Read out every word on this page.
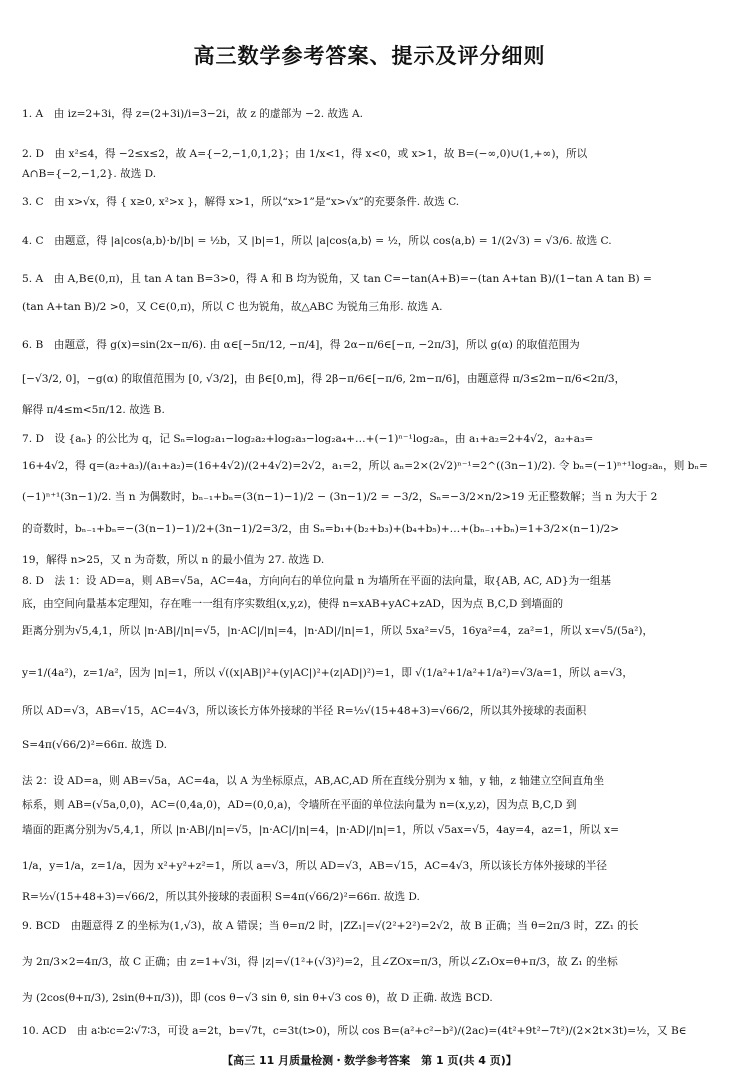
高三数学参考答案、提示及评分细则
1. A　由 iz=2+3i，得 z=(2+3i)/i=3−2i，故 z 的虚部为 −2. 故选 A.
2. D　由 x²≤4，得 −2≤x≤2，故 A={−2,−1,0,1,2}；由 1/x<1，得 x<0，或 x>1，故 B=(−∞,0)∪(1,+∞)，所以
A∩B={−2,−1,2}. 故选 D.
3. C　由 x>√x，得 { x≥0, x²>x }，解得 x>1，所以“x>1”是“x>√x”的充要条件. 故选 C.
4. C　由题意，得 |a|cos⟨a,b⟩·b/|b| = ½b，又 |b|=1，所以 |a|cos⟨a,b⟩ = ½，所以 cos⟨a,b⟩ = 1/(2√3) = √3/6. 故选 C.
5. A　由 A,B∈(0,π)，且 tan A tan B=3>0，得 A 和 B 均为锐角，又 tan C=−tan(A+B)=−(tan A+tan B)/(1−tan A tan B) =
(tan A+tan B)/2 >0，又 C∈(0,π)，所以 C 也为锐角，故△ABC 为锐角三角形. 故选 A.
6. B　由题意，得 g(x)=sin(2x−π/6). 由 α∈[−5π/12, −π/4]，得 2α−π/6∈[−π, −2π/3]，所以 g(α) 的取值范围为
[−√3/2, 0]，−g(α) 的取值范围为 [0, √3/2]，由 β∈[0,m]，得 2β−π/6∈[−π/6, 2m−π/6]，由题意得 π/3≤2m−π/6<2π/3，
解得 π/4≤m<5π/12. 故选 B.
7. D　设 {aₙ} 的公比为 q，记 Sₙ=log₂a₁−log₂a₂+log₂a₃−log₂a₄+…+(−1)ⁿ⁻¹log₂aₙ，由 a₁+a₂=2+4√2，a₂+a₃=
16+4√2，得 q=(a₂+a₃)/(a₁+a₂)=(16+4√2)/(2+4√2)=2√2，a₁=2，所以 aₙ=2×(2√2)ⁿ⁻¹=2^((3n−1)/2). 令 bₙ=(−1)ⁿ⁺¹log₂aₙ，则 bₙ=
(−1)ⁿ⁺¹(3n−1)/2. 当 n 为偶数时，bₙ₋₁+bₙ=(3(n−1)−1)/2 − (3n−1)/2 = −3/2，Sₙ=−3/2×n/2>19 无正整数解；当 n 为大于 2
的奇数时，bₙ₋₁+bₙ=−(3(n−1)−1)/2+(3n−1)/2=3/2，由 Sₙ=b₁+(b₂+b₃)+(b₄+b₅)+…+(bₙ₋₁+bₙ)=1+3/2×(n−1)/2>
19，解得 n>25，又 n 为奇数，所以 n 的最小值为 27. 故选 D.
8. D　法 1：设 AD=a，则 AB=√5a，AC=4a，方向向右的单位向量 n 为墙所在平面的法向量，取{AB, AC, AD}为一组基
底，由空间向量基本定理知，存在唯一一组有序实数组(x,y,z)，使得 n=xAB+yAC+zAD，因为点 B,C,D 到墙面的
距离分别为√5,4,1，所以 |n·AB|/|n|=√5，|n·AC|/|n|=4，|n·AD|/|n|=1，所以 5xa²=√5，16ya²=4，za²=1，所以 x=√5/(5a²)，
y=1/(4a²)，z=1/a²，因为 |n|=1，所以 √((x|AB|)²+(y|AC|)²+(z|AD|)²)=1，即 √(1/a²+1/a²+1/a²)=√3/a=1，所以 a=√3，
所以 AD=√3，AB=√15，AC=4√3，所以该长方体外接球的半径 R=½√(15+48+3)=√66/2，所以其外接球的表面积
S=4π(√66/2)²=66π. 故选 D.
法 2：设 AD=a，则 AB=√5a，AC=4a，以 A 为坐标原点，AB,AC,AD 所在直线分别为 x 轴，y 轴，z 轴建立空间直角坐
标系，则 AB=(√5a,0,0)，AC=(0,4a,0)，AD=(0,0,a)，令墙所在平面的单位法向量为 n=(x,y,z)，因为点 B,C,D 到
墙面的距离分别为√5,4,1，所以 |n·AB|/|n|=√5，|n·AC|/|n|=4，|n·AD|/|n|=1，所以 √5ax=√5，4ay=4，az=1，所以 x=
1/a，y=1/a，z=1/a，因为 x²+y²+z²=1，所以 a=√3，所以 AD=√3，AB=√15，AC=4√3，所以该长方体外接球的半径
R=½√(15+48+3)=√66/2，所以其外接球的表面积 S=4π(√66/2)²=66π. 故选 D.
9. BCD　由题意得 Z 的坐标为(1,√3)，故 A 错误；当 θ=π/2 时，|ZZ₁|=√(2²+2²)=2√2，故 B 正确；当 θ=2π/3 时，ZZ₁ 的长
为 2π/3×2=4π/3，故 C 正确；由 z=1+√3i，得 |z|=√(1²+(√3)²)=2，且∠ZOx=π/3，所以∠Z₁Ox=θ+π/3，故 Z₁ 的坐标
为 (2cos(θ+π/3), 2sin(θ+π/3))，即 (cos θ−√3 sin θ, sin θ+√3 cos θ)，故 D 正确. 故选 BCD.
10. ACD　由 a∶b∶c=2∶√7∶3，可设 a=2t，b=√7t，c=3t(t>0)，所以 cos B=(a²+c²−b²)/(2ac)=(4t²+9t²−7t²)/(2×2t×3t)=½，又 B∈
【高三 11 月质量检测・数学参考答案　第 1 页(共 4 页)】
